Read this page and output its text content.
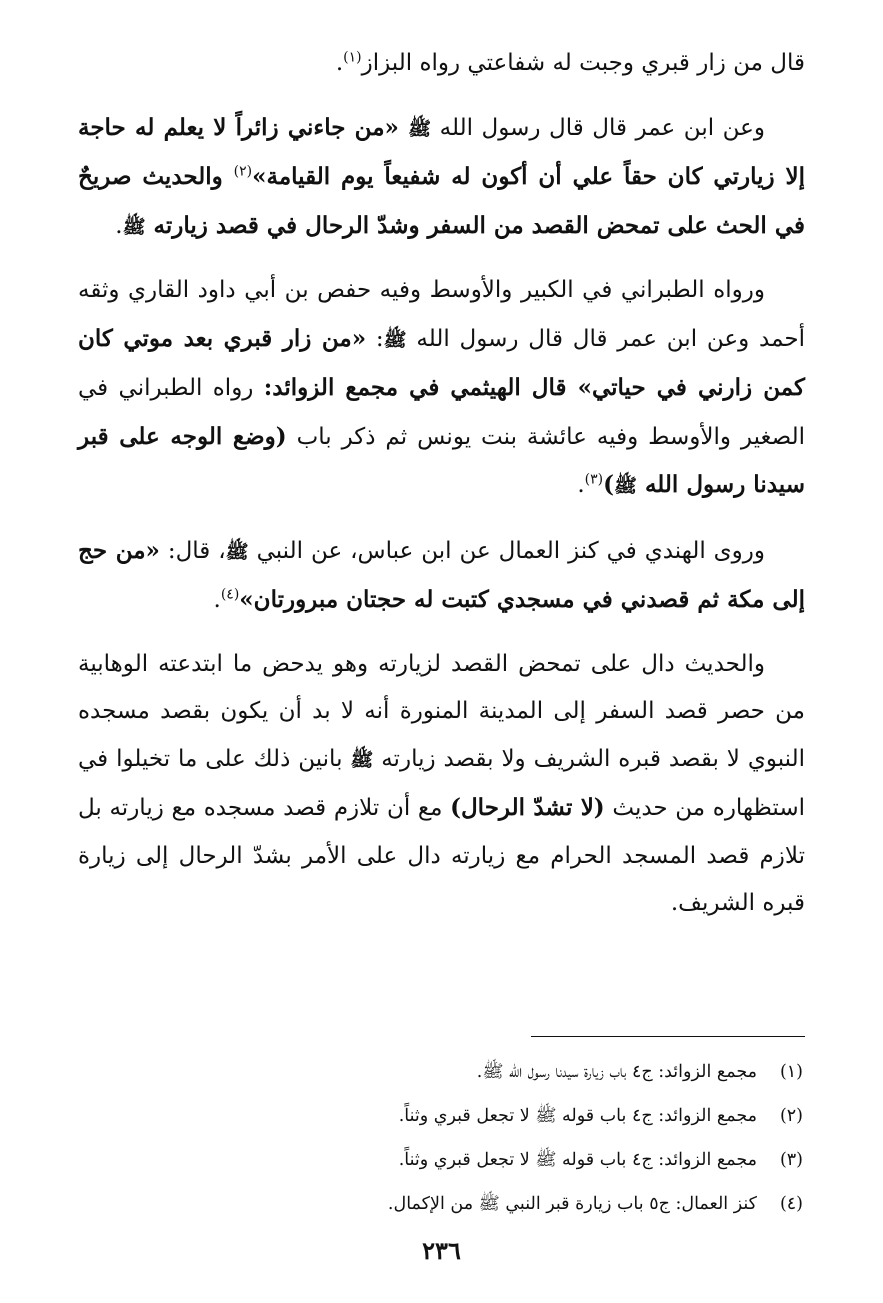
قال من زار قبري وجبت له شفاعتي رواه البزاز$^{(١)}$.

وعن ابن عمر قال قال رسول الله ﷺ «من جاءني زائراً لا يعلم له حاجة إلا زيارتي كان حقاً علي أن أكون له شفيعاً يوم القيامة»$^{(٢)}$ والحديث صريحٌ في الحث على تمحض القصد من السفر وشدّ الرحال في قصد زيارته ﷺ.

ورواه الطبراني في الكبير والأوسط وفيه حفص بن أبي داود القاري وثقه أحمد وعن ابن عمر قال قال رسول الله ﷺ: «من زار قبري بعد موتي كان كمن زارني في حياتي» قال الهيثمي في مجمع الزوائد: رواه الطبراني في الصغير والأوسط وفيه عائشة بنت يونس ثم ذكر باب (وضع الوجه على قبر سيدنا رسول الله ﷺ)$^{(٣)}$.

وروى الهندي في كنز العمال عن ابن عباس، عن النبي ﷺ، قال: «من حج إلى مكة ثم قصدني في مسجدي كتبت له حجتان مبرورتان»$^{(٤)}$.

والحديث دال على تمحض القصد لزيارته وهو يدحض ما ابتدعته الوهابية من حصر قصد السفر إلى المدينة المنورة أنه لا بد أن يكون بقصد مسجده النبوي لا بقصد قبره الشريف ولا بقصد زيارته ﷺ بانين ذلك على ما تخيلوا في استظهاره من حديث (لا تشدّ الرحال) مع أن تلازم قصد مسجده مع زيارته بل تلازم قصد المسجد الحرام مع زيارته دال على الأمر بشدّ الرحال إلى زيارة قبره الشريف.

(١)
مجمع الزوائد: ج٤ باب زيارة سيدنا رسول الله ﷺ.
(٢)
مجمع الزوائد: ج٤ باب قوله ﷺ لا تجعل قبري وثناً.
(٣)
مجمع الزوائد: ج٤ باب قوله ﷺ لا تجعل قبري وثناً.
(٤)
كنز العمال: ج٥ باب زيارة قبر النبي ﷺ من الإكمال.
٢٣٦
